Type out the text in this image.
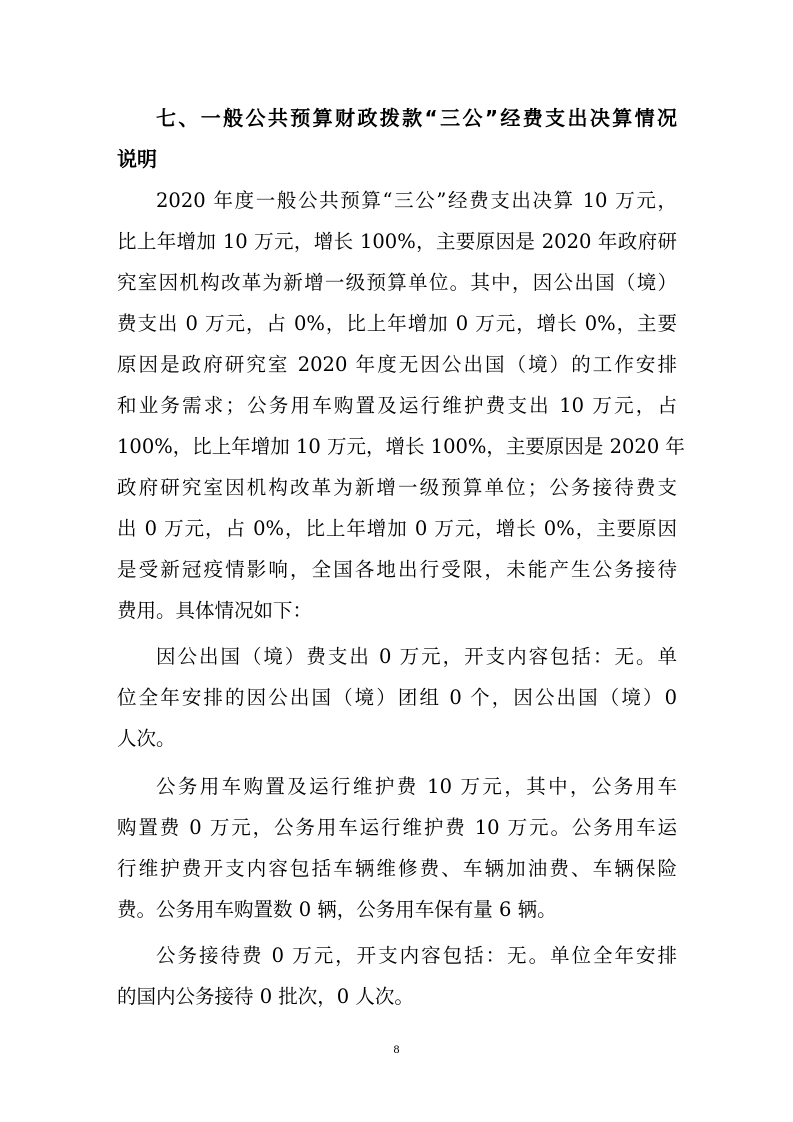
七、一般公共预算财政拨款“三公”经费支出决算情况
说明
2020 年度一般公共预算“三公”经费支出决算 10 万元，
比上年增加 10 万元，增长 100%，主要原因是 2020 年政府研
究室因机构改革为新增一级预算单位。其中，因公出国（境）
费支出 0 万元，占 0%，比上年增加 0 万元，增长 0%，主要
原因是政府研究室 2020 年度无因公出国（境）的工作安排
和业务需求；公务用车购置及运行维护费支出 10 万元，占
100%，比上年增加 10 万元，增长 100%，主要原因是 2020 年
政府研究室因机构改革为新增一级预算单位；公务接待费支
出 0 万元，占 0%，比上年增加 0 万元，增长 0%，主要原因
是受新冠疫情影响，全国各地出行受限，未能产生公务接待
费用。具体情况如下：
因公出国（境）费支出 0 万元，开支内容包括：无。单
位全年安排的因公出国（境）团组 0 个，因公出国（境）0
人次。
公务用车购置及运行维护费 10 万元，其中，公务用车
购置费 0 万元，公务用车运行维护费 10 万元。公务用车运
行维护费开支内容包括车辆维修费、车辆加油费、车辆保险
费。公务用车购置数 0 辆，公务用车保有量 6 辆。
公务接待费 0 万元，开支内容包括：无。单位全年安排
的国内公务接待 0 批次，0 人次。
8
